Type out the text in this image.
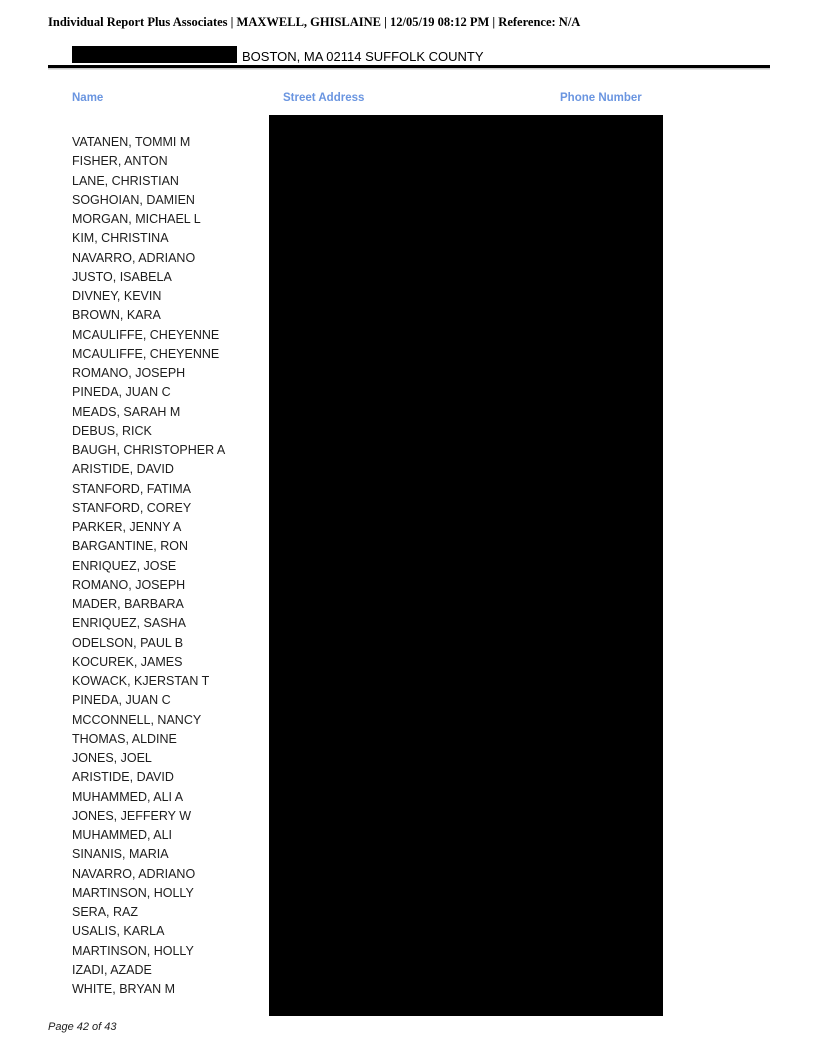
Individual Report Plus Associates | MAXWELL, GHISLAINE | 12/05/19 08:12 PM | Reference: N/A
BOSTON, MA 02114 SUFFOLK COUNTY
Name	Street Address	Phone Number
VATANEN, TOMMI M
FISHER, ANTON
LANE, CHRISTIAN
SOGHOIAN, DAMIEN
MORGAN, MICHAEL L
KIM, CHRISTINA
NAVARRO, ADRIANO
JUSTO, ISABELA
DIVNEY, KEVIN
BROWN, KARA
MCAULIFFE, CHEYENNE
MCAULIFFE, CHEYENNE
ROMANO, JOSEPH
PINEDA, JUAN C
MEADS, SARAH M
DEBUS, RICK
BAUGH, CHRISTOPHER A
ARISTIDE, DAVID
STANFORD, FATIMA
STANFORD, COREY
PARKER, JENNY A
BARGANTINE, RON
ENRIQUEZ, JOSE
ROMANO, JOSEPH
MADER, BARBARA
ENRIQUEZ, SASHA
ODELSON, PAUL B
KOCUREK, JAMES
KOWACK, KJERSTAN T
PINEDA, JUAN C
MCCONNELL, NANCY
THOMAS, ALDINE
JONES, JOEL
ARISTIDE, DAVID
MUHAMMED, ALI A
JONES, JEFFERY W
MUHAMMED, ALI
SINANIS, MARIA
NAVARRO, ADRIANO
MARTINSON, HOLLY
SERA, RAZ
USALIS, KARLA
MARTINSON, HOLLY
IZADI, AZADE
WHITE, BRYAN M
Page 42 of 43
